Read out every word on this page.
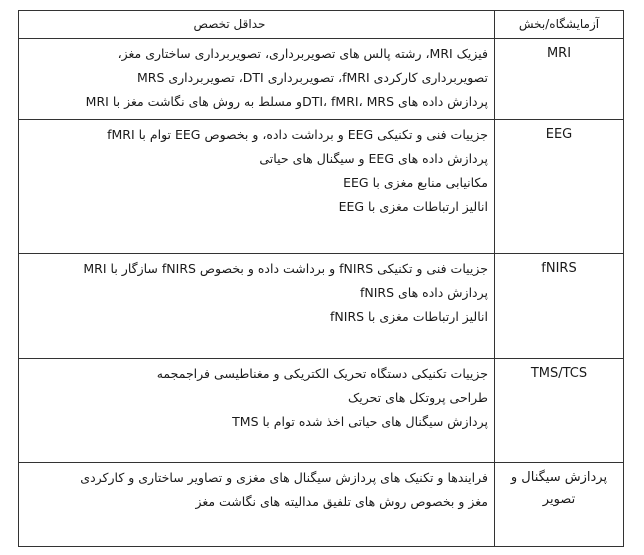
آزمایشگاه/بخش
حداقل تخصص
MRI
فیزیک MRI، رشته پالس های تصویربرداری، تصویربرداری ساختاری مغز،
تصویربرداری کارکردی fMRI، تصویربرداری DTI، تصویربرداری MRS
پردازش داده های DTI، fMRI، MRSو مسلط به روش های نگاشت مغز با MRI
EEG
جزییات فنی و تکنیکی EEG و برداشت داده، و بخصوص EEG توام با fMRI
پردازش داده های EEG و سیگنال های حیاتی
مکانیابی منابع مغزی با EEG
انالیز ارتباطات مغزی با EEG
fNIRS
جزییات فنی و تکنیکی fNIRS و برداشت داده و بخصوص fNIRS سازگار با MRI
پردازش داده های fNIRS
انالیز ارتباطات مغزی با fNIRS
TMS/TCS
جزییات تکنیکی دستگاه تحریک الکتریکی و مغناطیسی فراجمجمه
طراحی پروتکل های تحریک
پردازش سیگنال های حیاتی اخذ شده توام با TMS
پردازش سیگنال و
تصویر
فرایندها و تکنیک های پردازش سیگنال های مغزی و تصاویر ساختاری و کارکردی
مغز و بخصوص روش های تلفیق مدالیته های نگاشت مغز
